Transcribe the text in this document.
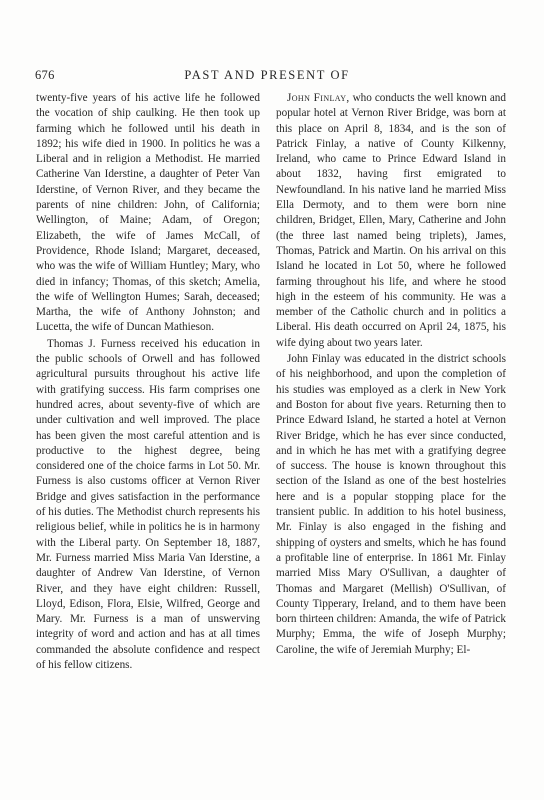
676	PAST AND PRESENT OF

twenty-five years of his active life he followed the vocation of ship caulking. He then took up farming which he followed until his death in 1892; his wife died in 1900. In politics he was a Liberal and in religion a Methodist. He married Catherine Van Iderstine, a daughter of Peter Van Iderstine, of Vernon River, and they became the parents of nine children: John, of California; Wellington, of Maine; Adam, of Oregon; Elizabeth, the wife of James McCall, of Providence, Rhode Island; Margaret, deceased, who was the wife of William Huntley; Mary, who died in infancy; Thomas, of this sketch; Amelia, the wife of Wellington Humes; Sarah, deceased; Martha, the wife of Anthony Johnston; and Lucetta, the wife of Duncan Mathieson.

Thomas J. Furness received his education in the public schools of Orwell and has followed agricultural pursuits throughout his active life with gratifying success. His farm comprises one hundred acres, about seventy-five of which are under cultivation and well improved. The place has been given the most careful attention and is productive to the highest degree, being considered one of the choice farms in Lot 50. Mr. Furness is also customs officer at Vernon River Bridge and gives satisfaction in the performance of his duties. The Methodist church represents his religious belief, while in politics he is in harmony with the Liberal party. On September 18, 1887, Mr. Furness married Miss Maria Van Iderstine, a daughter of Andrew Van Iderstine, of Vernon River, and they have eight children: Russell, Lloyd, Edison, Flora, Elsie, Wilfred, George and Mary. Mr. Furness is a man of unswerving integrity of word and action and has at all times commanded the absolute confidence and respect of his fellow citizens.

John Finlay, who conducts the well known and popular hotel at Vernon River Bridge, was born at this place on April 8, 1834, and is the son of Patrick Finlay, a native of County Kilkenny, Ireland, who came to Prince Edward Island in about 1832, having first emigrated to Newfoundland. In his native land he married Miss Ella Dermoty, and to them were born nine children, Bridget, Ellen, Mary, Catherine and John (the three last named being triplets), James, Thomas, Patrick and Martin. On his arrival on this Island he located in Lot 50, where he followed farming throughout his life, and where he stood high in the esteem of his community. He was a member of the Catholic church and in politics a Liberal. His death occurred on April 24, 1875, his wife dying about two years later.

John Finlay was educated in the district schools of his neighborhood, and upon the completion of his studies was employed as a clerk in New York and Boston for about five years. Returning then to Prince Edward Island, he started a hotel at Vernon River Bridge, which he has ever since conducted, and in which he has met with a gratifying degree of success. The house is known throughout this section of the Island as one of the best hostelries here and is a popular stopping place for the transient public. In addition to his hotel business, Mr. Finlay is also engaged in the fishing and shipping of oysters and smelts, which he has found a profitable line of enterprise. In 1861 Mr. Finlay married Miss Mary O'Sullivan, a daughter of Thomas and Margaret (Mellish) O'Sullivan, of County Tipperary, Ireland, and to them have been born thirteen children: Amanda, the wife of Patrick Murphy; Emma, the wife of Joseph Murphy; Caroline, the wife of Jeremiah Murphy; El-
